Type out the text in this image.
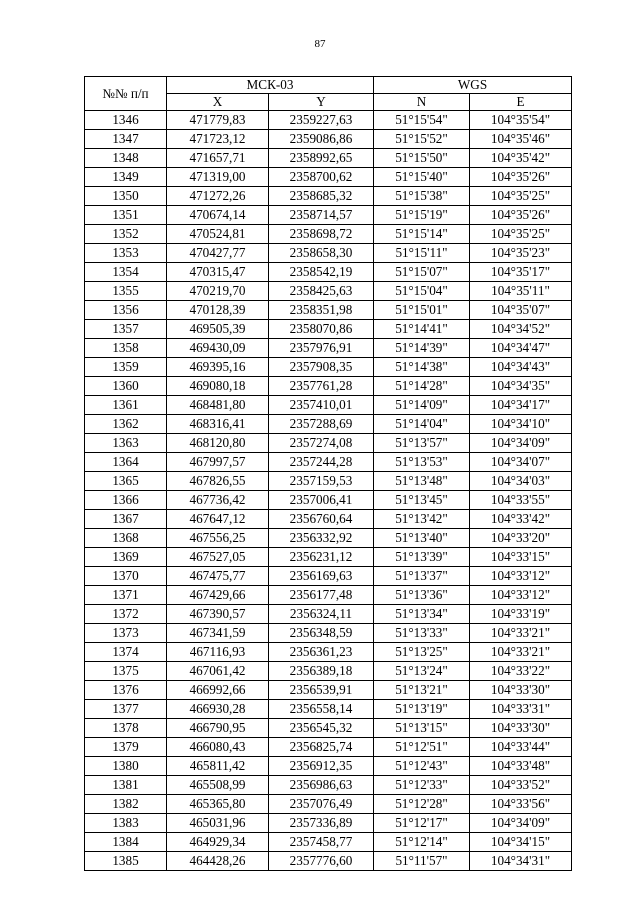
87
№№ п/п	МСК-03		WGS	
	X	Y	N	E
1346	471779,83	2359227,63	51°15'54"	104°35'54"
1347	471723,12	2359086,86	51°15'52"	104°35'46"
1348	471657,71	2358992,65	51°15'50"	104°35'42"
1349	471319,00	2358700,62	51°15'40"	104°35'26"
1350	471272,26	2358685,32	51°15'38"	104°35'25"
1351	470674,14	2358714,57	51°15'19"	104°35'26"
1352	470524,81	2358698,72	51°15'14"	104°35'25"
1353	470427,77	2358658,30	51°15'11"	104°35'23"
1354	470315,47	2358542,19	51°15'07"	104°35'17"
1355	470219,70	2358425,63	51°15'04"	104°35'11"
1356	470128,39	2358351,98	51°15'01"	104°35'07"
1357	469505,39	2358070,86	51°14'41"	104°34'52"
1358	469430,09	2357976,91	51°14'39"	104°34'47"
1359	469395,16	2357908,35	51°14'38"	104°34'43"
1360	469080,18	2357761,28	51°14'28"	104°34'35"
1361	468481,80	2357410,01	51°14'09"	104°34'17"
1362	468316,41	2357288,69	51°14'04"	104°34'10"
1363	468120,80	2357274,08	51°13'57"	104°34'09"
1364	467997,57	2357244,28	51°13'53"	104°34'07"
1365	467826,55	2357159,53	51°13'48"	104°34'03"
1366	467736,42	2357006,41	51°13'45"	104°33'55"
1367	467647,12	2356760,64	51°13'42"	104°33'42"
1368	467556,25	2356332,92	51°13'40"	104°33'20"
1369	467527,05	2356231,12	51°13'39"	104°33'15"
1370	467475,77	2356169,63	51°13'37"	104°33'12"
1371	467429,66	2356177,48	51°13'36"	104°33'12"
1372	467390,57	2356324,11	51°13'34"	104°33'19"
1373	467341,59	2356348,59	51°13'33"	104°33'21"
1374	467116,93	2356361,23	51°13'25"	104°33'21"
1375	467061,42	2356389,18	51°13'24"	104°33'22"
1376	466992,66	2356539,91	51°13'21"	104°33'30"
1377	466930,28	2356558,14	51°13'19"	104°33'31"
1378	466790,95	2356545,32	51°13'15"	104°33'30"
1379	466080,43	2356825,74	51°12'51"	104°33'44"
1380	465811,42	2356912,35	51°12'43"	104°33'48"
1381	465508,99	2356986,63	51°12'33"	104°33'52"
1382	465365,80	2357076,49	51°12'28"	104°33'56"
1383	465031,96	2357336,89	51°12'17"	104°34'09"
1384	464929,34	2357458,77	51°12'14"	104°34'15"
1385	464428,26	2357776,60	51°11'57"	104°34'31"
